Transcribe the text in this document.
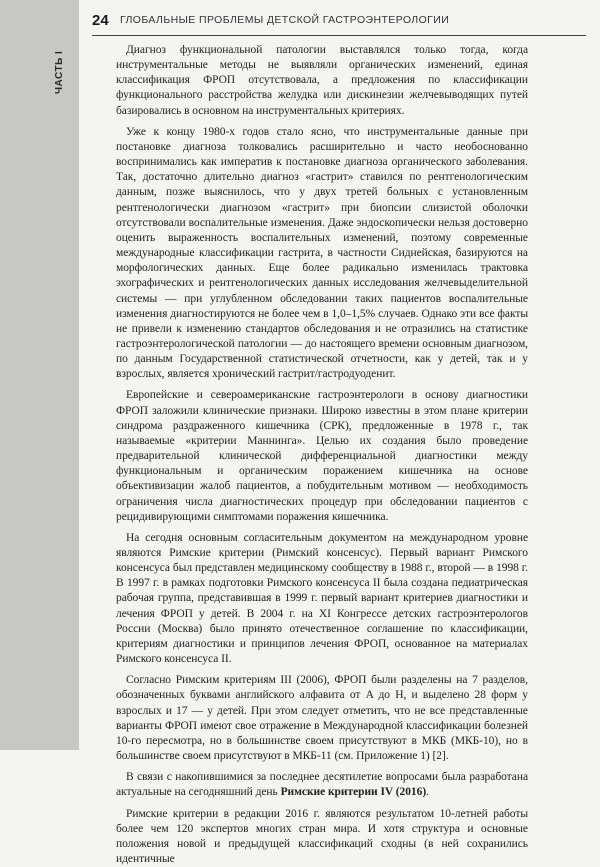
ЧАСТЬ I
24 ГЛОБАЛЬНЫЕ ПРОБЛЕМЫ ДЕТСКОЙ ГАСТРОЭНТЕРОЛОГИИ

Диагноз функциональной патологии выставлялся только тогда, когда инструментальные методы не выявляли органических изменений, единая классификация ФРОП отсутствовала, а предложения по классификации функционального расстройства желудка или дискинезии желчевыводящих путей базировались в основном на инструментальных критериях.

Уже к концу 1980-х годов стало ясно, что инструментальные данные при постановке диагноза толковались расширительно и часто необоснованно воспринимались как императив к постановке диагноза органического заболевания. Так, достаточно длительно диагноз «гастрит» ставился по рентгенологическим данным, позже выяснилось, что у двух третей больных с установленным рентгенологически диагнозом «гастрит» при биопсии слизистой оболочки отсутствовали воспалительные изменения. Даже эндоскопически нельзя достоверно оценить выраженность воспалительных изменений, поэтому современные международные классификации гастрита, в частности Сиднейская, базируются на морфологических данных. Еще более радикально изменилась трактовка эхографических и рентгенологических данных исследования желчевыделительной системы — при углубленном обследовании таких пациентов воспалительные изменения диагностируются не более чем в 1,0–1,5% случаев. Однако эти все факты не привели к изменению стандартов обследования и не отразились на статистике гастроэнтерологической патологии — до настоящего времени основным диагнозом, по данным Государственной статистической отчетности, как у детей, так и у взрослых, является хронический гастрит/гастродуоденит.

Европейские и североамериканские гастроэнтерологи в основу диагностики ФРОП заложили клинические признаки. Широко известны в этом плане критерии синдрома раздраженного кишечника (СРК), предложенные в 1978 г., так называемые «критерии Маннинга». Целью их создания было проведение предварительной клинической дифференциальной диагностики между функциональным и органическим поражением кишечника на основе объективизации жалоб пациентов, а побудительным мотивом — необходимость ограничения числа диагностических процедур при обследовании пациентов с рецидивирующими симптомами поражения кишечника.

На сегодня основным согласительным документом на международном уровне являются Римские критерии (Римский консенсус). Первый вариант Римского консенсуса был представлен медицинскому сообществу в 1988 г., второй — в 1998 г. В 1997 г. в рамках подготовки Римского консенсуса II была создана педиатрическая рабочая группа, представившая в 1999 г. первый вариант критериев диагностики и лечения ФРОП у детей. В 2004 г. на XI Конгрессе детских гастроэнтерологов России (Москва) было принято отечественное соглашение по классификации, критериям диагностики и принципов лечения ФРОП, основанное на материалах Римского консенсуса II.

Согласно Римским критериям III (2006), ФРОП были разделены на 7 разделов, обозначенных буквами английского алфавита от A до H, и выделено 28 форм у взрослых и 17 — у детей. При этом следует отметить, что не все представленные варианты ФРОП имеют свое отражение в Международной классификации болезней 10-го пересмотра, но в большинстве своем присутствуют в МКБ (МКБ-10), но в большинстве своем присутствуют в МКБ-11 (см. Приложение 1) [2].

В связи с накопившимися за последнее десятилетие вопросами была разработана актуальные на сегодняшний день Римские критерии IV (2016).

Римские критерии в редакции 2016 г. являются результатом 10-летней работы более чем 120 экспертов многих стран мира. И хотя структура и основные положения новой и предыдущей классификаций сходны (в ней сохранились идентичные
